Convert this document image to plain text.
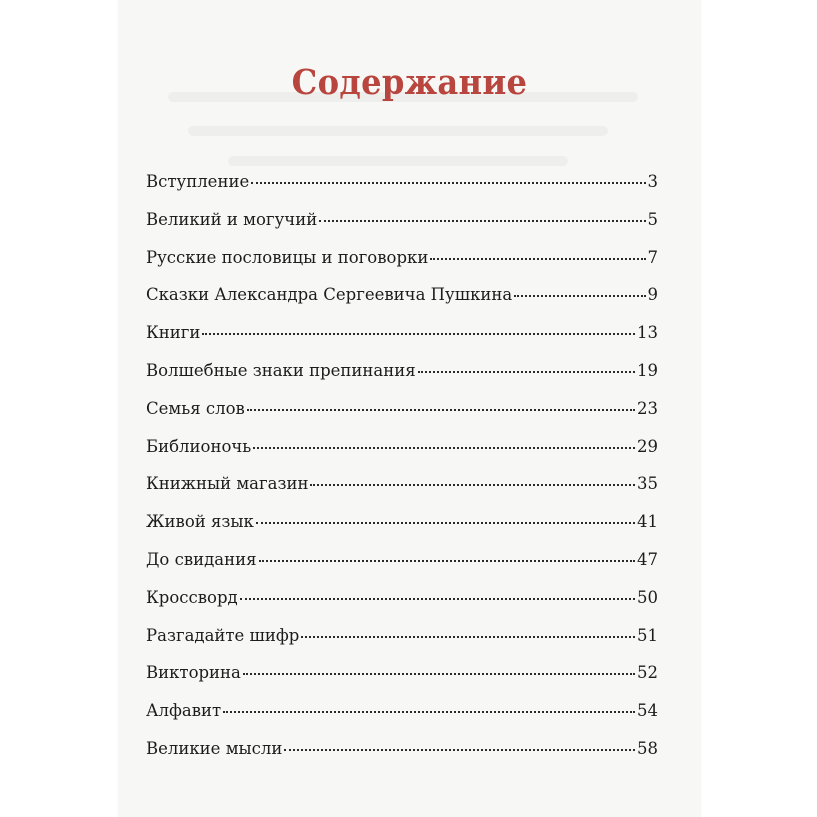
Содержание
Вступление	3
Великий и могучий	5
Русские пословицы и поговорки	7
Сказки Александра Сергеевича Пушкина	9
Книги	13
Волшебные знаки препинания	19
Семья слов	23
Библионочь	29
Книжный магазин	35
Живой язык	41
До свидания	47
Кроссворд	50
Разгадайте шифр	51
Викторина	52
Алфавит	54
Великие мысли	58
